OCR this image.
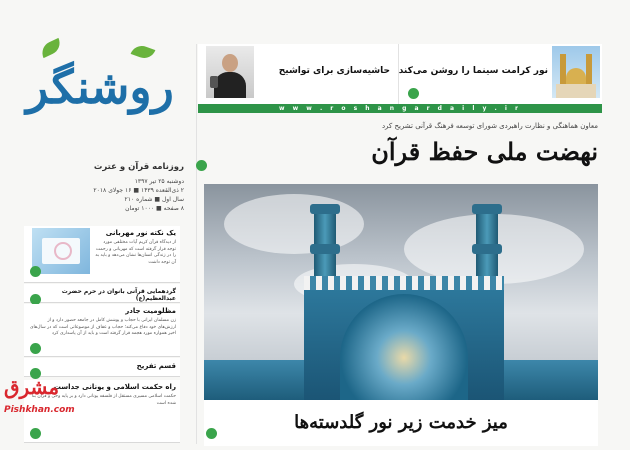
روشنگر
روزنامه قرآن و عترت
دوشنبه ۲۵ تیر ۱۳۹۷
۲ ذی‌القعده ۱۴۳۹ ■ ۱۶ جولای ۲۰۱۸
سال اول ■ شماره ۲۱۰
۸ صفحه ■ ۱۰۰۰ تومان
یک نکته نور مهربانی
از دیدگاه قرآن کریم آیات مختلفی مورد توجه قرار گرفته است که مهربانی و رحمت را در زندگی انسان‌ها نشان می‌دهد و باید به آن توجه داشت
گردهمایی قرآنی بانوان در حرم حضرت عبدالعظیم(ع)
مظلومیت جادر
زن مسلمان ایرانی با حجاب و پوشش کامل در جامعه حضور دارد و از ارزش‌های خود دفاع می‌کند؛ حجاب و عفاف از موضوعاتی است که در سال‌های اخیر همواره مورد هجمه قرار گرفته است و باید از آن پاسداری کرد
قسم تفریح
راه حکمت اسلامی و یونانی جداست
حکمت اسلامی مسیری مستقل از فلسفه یونانی دارد و بر پایه وحی و قرآن بنا شده است
مشرق
Pishkhan.com
نور کرامت سینما را روشن می‌کند
حاشیه‌سازی برای تواشیح
w w w . r o s h a n g a r d a i l y . i r
معاون هماهنگی و نظارت راهبردی شورای توسعه فرهنگ قرآنی تشریح کرد
نهضت ملی حفظ قرآن
میز خدمت زیر نور گلدسته‌ها
